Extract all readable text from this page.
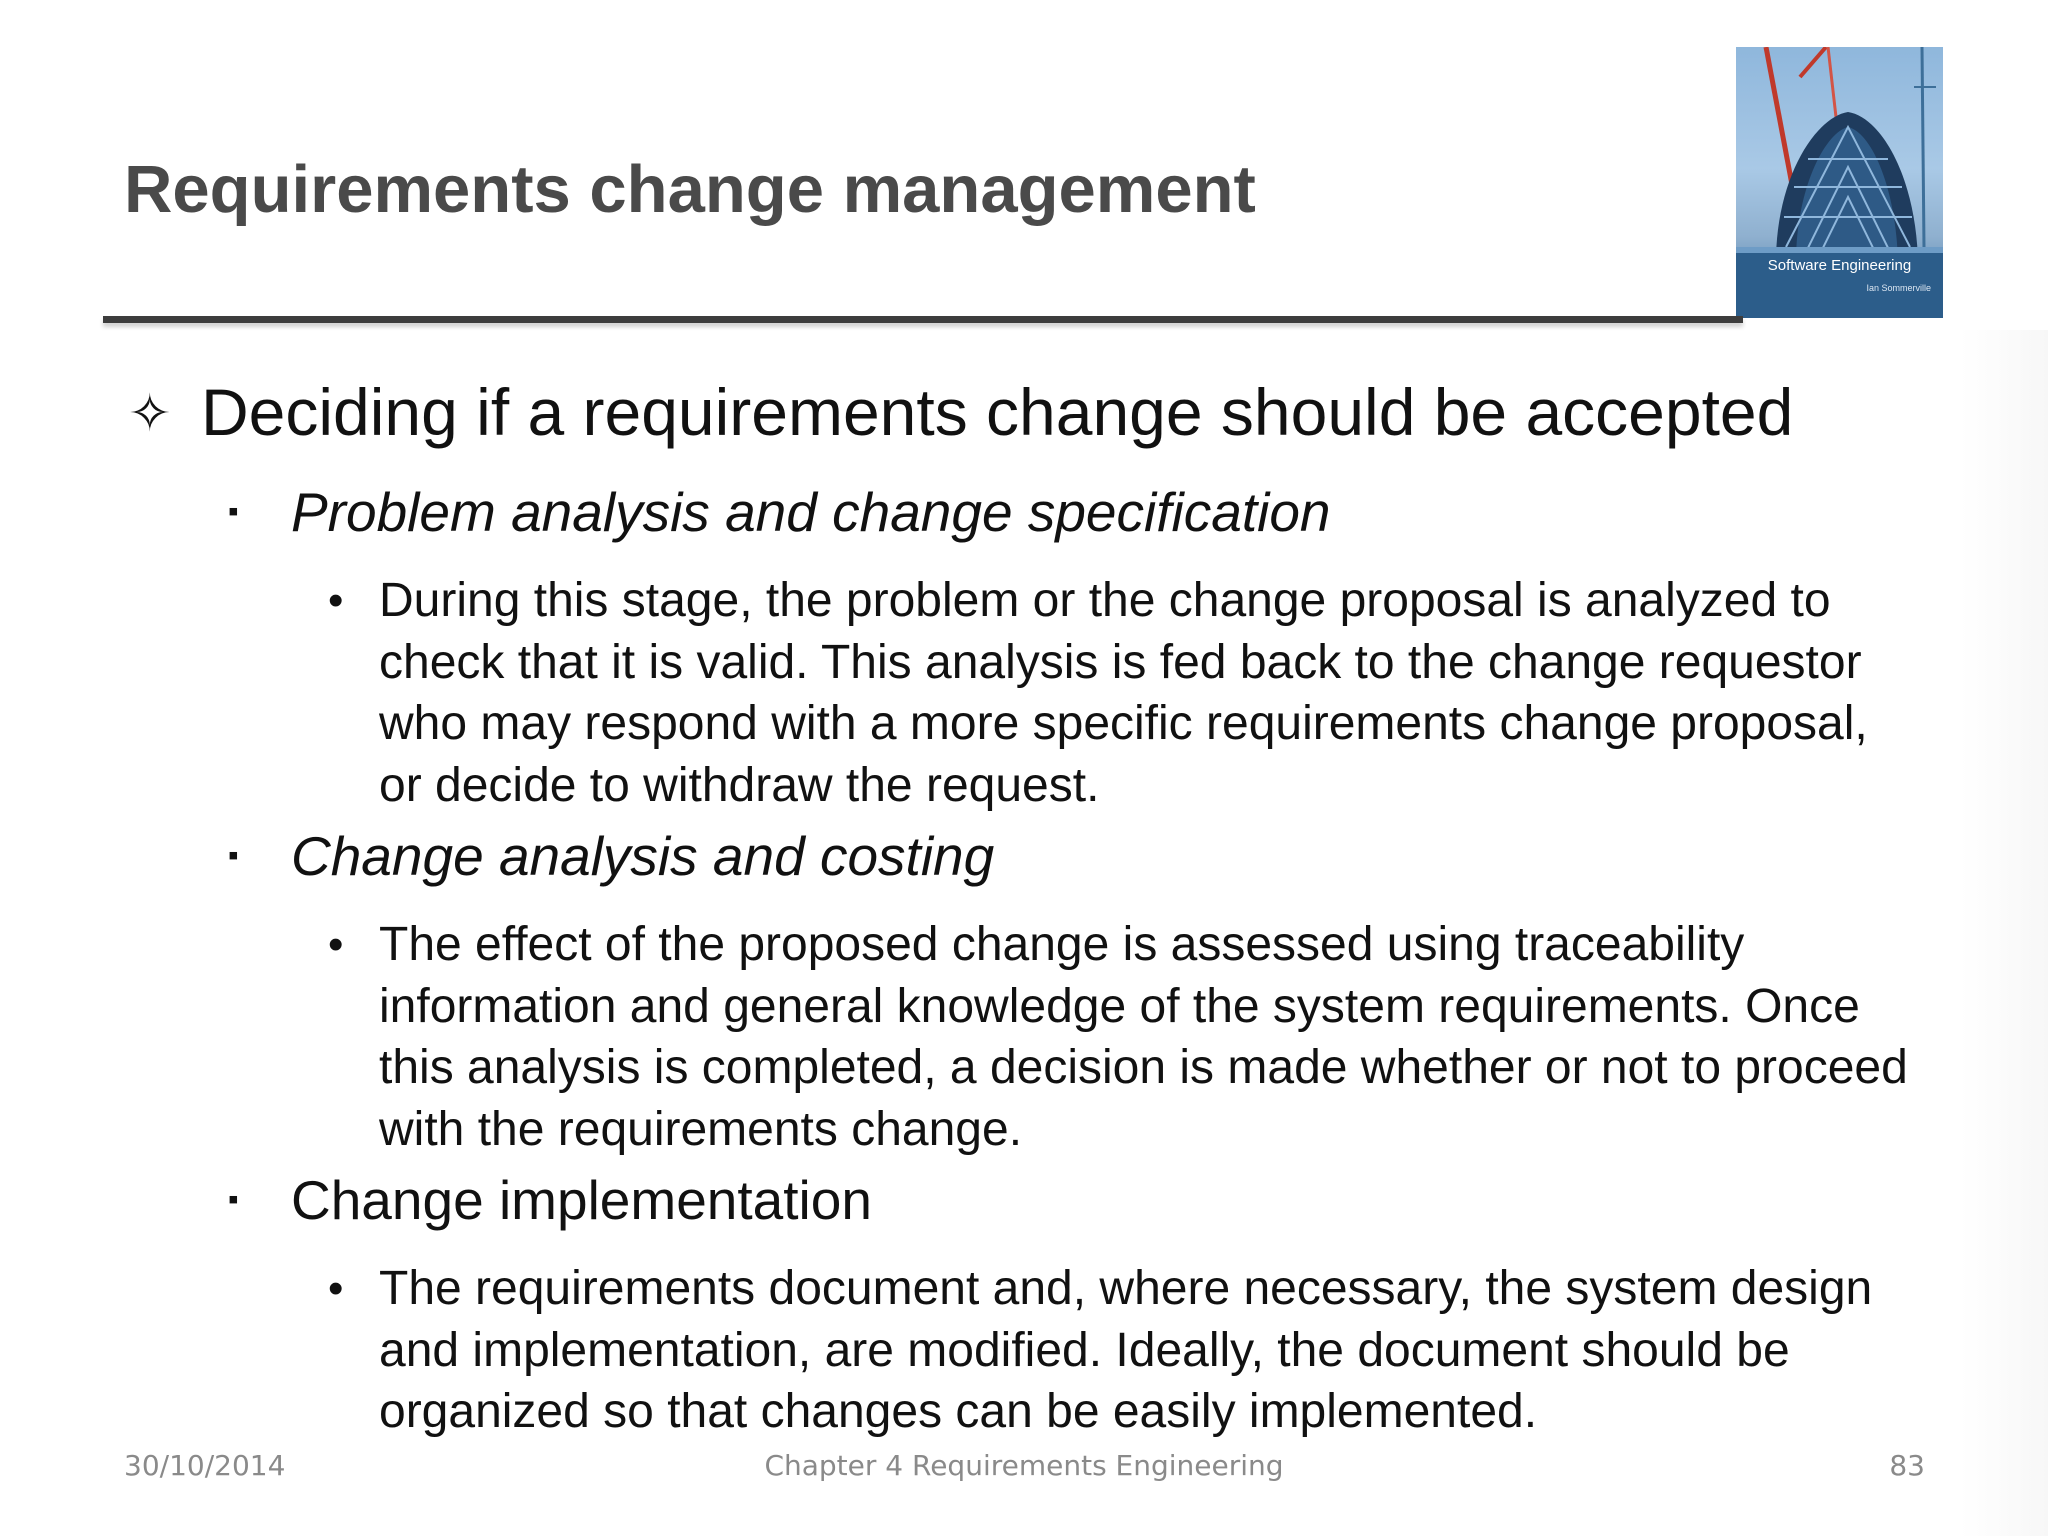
Requirements change management
Software Engineering
Ian Sommerville
✧ Deciding if a requirements change should be accepted
▪ Problem analysis and change specification
• During this stage, the problem or the change proposal is analyzed to check that it is valid. This analysis is fed back to the change requestor who may respond with a more specific requirements change proposal, or decide to withdraw the request.
▪ Change analysis and costing
• The effect of the proposed change is assessed using traceability information and general knowledge of the system requirements. Once this analysis is completed, a decision is made whether or not to proceed with the requirements change.
▪ Change implementation
• The requirements document and, where necessary, the system design and implementation, are modified. Ideally, the document should be organized so that changes can be easily implemented.
30/10/2014	Chapter 4 Requirements Engineering	83
